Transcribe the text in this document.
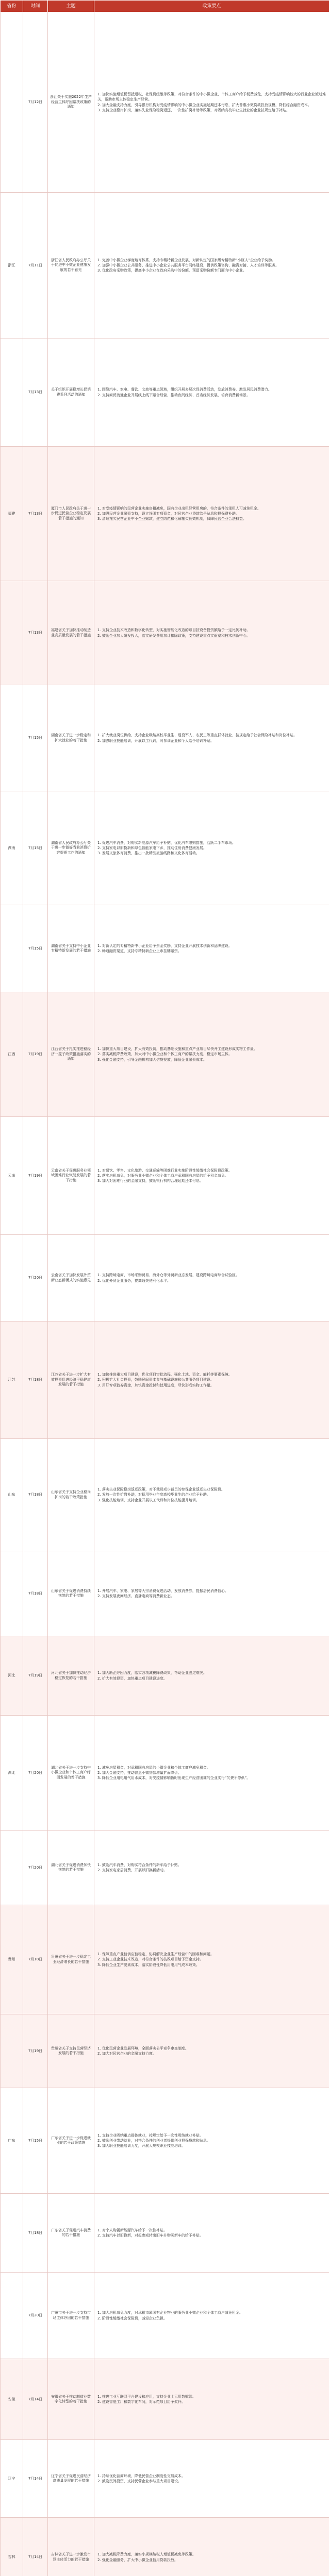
省份	时间	主题	政策要点
	7月12日	浙江关于实施2022年生产经营主体纾困帮扶政策的通知	1. 加快实施增值税留抵退税、社保费缓缴等政策，对符合条件的中小微企业、个体工商户给予税费减免，支持受疫情影响较大的行业企业渡过难关，帮助市场主体稳定生产经营。
2. 加大金融支持力度，引导银行机构对受疫情影响的中小微企业实施延期还本付息，扩大普惠小微贷款投放规模，降低综合融资成本。
3. 支持企业稳岗扩岗，落实失业保险稳岗返还、一次性扩岗补助等政策，对吸纳高校毕业生就业的企业按规定给予补贴。

浙江	7月11日	浙江省人民政府办公厅关于促进中小微企业健康发展的若干意见	1. 完善中小微企业梯度培育体系，支持专精特新企业发展，对新认定的国家级专精特新“小巨人”企业给予奖励。
2. 加强中小微企业公共服务，推进中小企业公共服务平台网络建设，提供政策咨询、融资对接、人才培训等服务。
3. 优化政府采购政策，提高中小企业在政府采购中的份额，预留采购份额专门面向中小企业。

	7月13日	关于组织开展稳增长促消费系列活动的通知	1. 围绕汽车、家电、餐饮、文旅等重点领域，组织开展多层次促消费活动，发放消费券，激发居民消费潜力。
2. 支持商贸流通企业开展线上线下融合经营，推动夜间经济、首店经济发展，培育消费新场景。

福建	7月13日	厦门市人民政府关于进一步促进民营企业稳定发展若干措施的通知	1. 对受疫情影响的民营企业实施房租减免，国有企业出租经营用房的，符合条件的承租人可减免租金。
2. 加强民营企业融资支持，设立纾困专项资金，对民营企业贷款给予贴息和担保费补助。
3. 清理拖欠民营企业中小企业账款，建立防范和化解拖欠长效机制，保障民营企业合法权益。

	7月13日	福建省关于加快推动制造业高质量发展的若干措施	1. 支持企业技术改造和数字化转型，对实施智能化改造的项目按设备投资额给予一定比例补助。
2. 鼓励企业加大研发投入，落实研发费用加计扣除政策，支持建设重点实验室和技术创新中心。

	7月15日	湖南省关于进一步稳定和扩大就业的若干措施	1. 扩大就业岗位供给，支持企业吸纳高校毕业生、退役军人、农民工等重点群体就业，按规定给予社会保险补贴和岗位补贴。
2. 加强职业技能培训，开展以工代训，对参训企业和个人给予培训补贴。

湖南	7月15日	湖南省人民政府办公厅关于进一步做好当前消费扩容提质工作的通知	1. 促进汽车消费，对购买新能源汽车给予补贴，优化汽车限购措施，活跃二手车市场。
2. 支持家电以旧换新和绿色智能家电下乡，推动住房消费健康发展。
3. 发展文旅体育消费，推出一批精品旅游线路和文化体育活动。

	7月15日	湖南省关于支持中小企业专精特新发展的若干措施	1. 对新认定的专精特新中小企业给予资金奖励，支持企业开展技术创新和品牌建设。
2. 畅通融资渠道，支持专精特新企业上市挂牌融资。

江西	7月19日	江西省关于扎实推进稳经济一揽子政策措施落实的通知	1. 加快重大项目建设，扩大有效投资，推动基础设施和重点产业项目尽快开工建设形成实物工作量。
2. 落实减税降费政策，加大对中小微企业和个体工商户的帮扶力度，稳定市场主体。
3. 强化金融支持，引导金融机构加大信贷投放，降低企业融资成本。

云南	7月19日	云南省关于促进服务业领域困难行业恢复发展的若干措施	1. 对餐饮、零售、文化旅游、交通运输等困难行业实施阶段性缓缴社会保险费政策。
2. 落实房租减免，对服务业小微企业和个体工商户承租国有房屋的给予租金减免。
3. 加大对困难行业的金融支持，鼓励银行机构合理延期还本付息。

	7月20日	云南省关于加快发展外贸新业态新模式的实施意见	1. 支持跨境电商、市场采购贸易、海外仓等外贸新业态发展，建设跨境电商综合试验区。
2. 优化外贸企业服务，提高通关便利化水平。

江苏	7月18日	江苏省关于进一步扩大有效投资促进经济平稳健康发展的若干措施	1. 加快推进重大项目建设，优化项目审批流程，强化土地、资金、能耗等要素保障。
2. 积极扩大社会投资，鼓励民间资本参与基础设施和公共服务项目建设。
3. 用好专项债券资金，加快资金拨付和使用进度，尽快形成实物工作量。

山东	7月18日	山东省关于支持企业稳岗扩岗的若干政策措施	1. 落实失业保险稳岗返还政策，对不裁员或少裁员的参保企业返还失业保险费。
2. 发放一次性扩岗补助，对招用毕业年度高校毕业生的企业给予补助。
3. 强化技能培训，支持企业开展以工代训和岗位技能提升培训。

	7月18日	山东省关于促进消费持续恢复的若干措施	1. 开展汽车、家电、家居等大宗消费促进活动，发放消费券，提振居民消费信心。
2. 支持发展夜间经济、直播电商等消费新业态。

河北	7月19日	河北省关于加快推动经济稳定恢复的若干措施	1. 加大助企纾困力度，落实各项减税降费政策，帮助企业渡过难关。
2. 扩大有效投资，加快重点项目建设进度。

湖北	7月20日	湖北省关于进一步支持中小微企业和个体工商户纾困发展的若干措施	1. 减免房屋租金，对承租国有房屋的小微企业和个体工商户减免租金。
2. 加大金融支持，推动普惠小微贷款增量扩面降价。
3. 降低企业用电用气用水成本，对受疫情影响暂时出现生产经营困难的企业实行“欠费不停供”。

	7月20日	湖北省关于促进消费加快恢复的若干措施	1. 鼓励汽车消费，对购买符合条件的新车给予补贴。
2. 支持家电家居消费，开展以旧换新活动。

贵州	7月18日	贵州省关于进一步稳定工业经济增长的若干措施	1. 保障重点产业链供应链稳定，协调解决企业生产经营中的困难和问题。
2. 支持工业企业技术改造，对符合条件的技改项目给予资金支持。
3. 降低企业生产要素成本，落实阶段性降低用电用气成本政策。

	7月19日	贵州省关于支持民营经济发展的若干措施	1. 优化民营企业发展环境，全面落实公平竞争审查制度。
2. 加大对民营企业的金融支持力度。

广东	7月15日	广东省关于进一步促进就业的若干政策措施	1. 支持企业吸纳重点群体就业，按规定给予一次性吸纳就业补贴。
2. 鼓励创业带动就业，对符合条件的创业者提供创业担保贷款和贴息。
3. 加大职业技能培训力度，开展大规模职业技能培训。

	7月18日	广东省关于促进汽车消费的若干措施	1. 对个人购置新能源汽车给予一次性补贴。
2. 支持汽车以旧换新，对报废或转出旧车并购买新车的给予补贴。

	7月20日	广州市关于进一步支持市场主体纾困的若干措施	1. 加大房租减免力度，对承租市属国有企业物业的服务业小微企业和个体工商户减免租金。
2. 阶段性缓缴社会保险费，减轻企业负担。

安徽	7月14日	安徽省关于推动制造业数字化转型的若干措施	1. 推进工业互联网平台建设和应用，支持企业上云用数赋智。
2. 建设智能工厂和数字化车间，对示范项目给予奖补。

辽宁	7月14日	辽宁省关于促进民营经济高质量发展的若干措施	1. 持续优化营商环境，降低民营企业制度性交易成本。
2. 鼓励民间投资，支持民营企业参与重大项目建设。

吉林	7月14日	吉林省关于进一步激发市场主体活力的若干措施	1. 加大减税降费力度，落实小规模纳税人增值税减免等政策。
2. 强化金融服务，扩大中小微企业信用贷款投放。
